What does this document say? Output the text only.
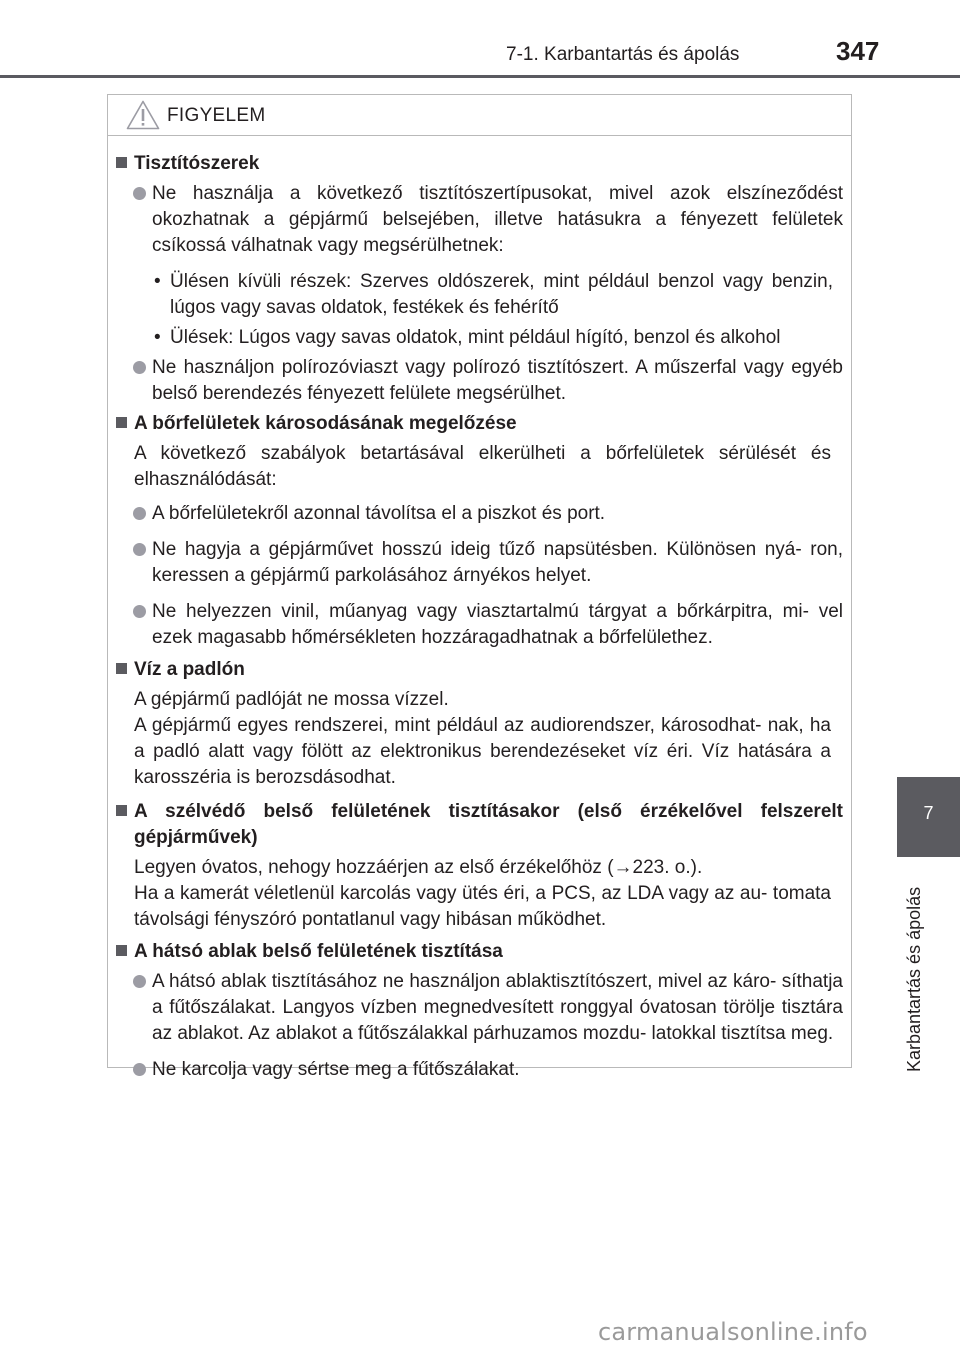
7-1. Karbantartás és ápolás	347
7
Karbantartás és ápolás
FIGYELEM

Tisztítószerek

Ne használja a következő tisztítószertípusokat, mivel azok elszíneződést okozhatnak a gépjármű belsejében, illetve hatásukra a fényezett felületek csíkossá válhatnak vagy megsérülhetnek:

• Ülésen kívüli részek: Szerves oldószerek, mint például benzol vagy benzin, lúgos vagy savas oldatok, festékek és fehérítő

• Ülések: Lúgos vagy savas oldatok, mint például hígító, benzol és alkohol

Ne használjon polírozóviaszt vagy polírozó tisztítószert. A műszerfal vagy egyéb belső berendezés fényezett felülete megsérülhet.

A bőrfelületek károsodásának megelőzése

A következő szabályok betartásával elkerülheti a bőrfelületek sérülését és elhasználódását:

A bőrfelületekről azonnal távolítsa el a piszkot és port.

Ne hagyja a gépjárművet hosszú ideig tűző napsütésben. Különösen nyá- ron, keressen a gépjármű parkolásához árnyékos helyet.

Ne helyezzen vinil, műanyag vagy viasztartalmú tárgyat a bőrkárpitra, mi- vel ezek magasabb hőmérsékleten hozzáragadhatnak a bőrfelülethez.

Víz a padlón

A gépjármű padlóját ne mossa vízzel.

A gépjármű egyes rendszerei, mint például az audiorendszer, károsodhat- nak, ha a padló alatt vagy fölött az elektronikus berendezéseket víz éri. Víz hatására a karosszéria is berozsdásodhat.

A szélvédő belső felületének tisztításakor (első érzékelővel felszerelt gépjárművek)

Legyen óvatos, nehogy hozzáérjen az első érzékelőhöz (→223. o.).

Ha a kamerát véletlenül karcolás vagy ütés éri, a PCS, az LDA vagy az au- tomata távolsági fényszóró pontatlanul vagy hibásan működhet.

A hátsó ablak belső felületének tisztítása

A hátsó ablak tisztításához ne használjon ablaktisztítószert, mivel az káro- síthatja a fűtőszálakat. Langyos vízben megnedvesített ronggyal óvatosan törölje tisztára az ablakot. Az ablakot a fűtőszálakkal párhuzamos mozdu- latokkal tisztítsa meg.

Ne karcolja vagy sértse meg a fűtőszálakat.

carmanualsonline.info
